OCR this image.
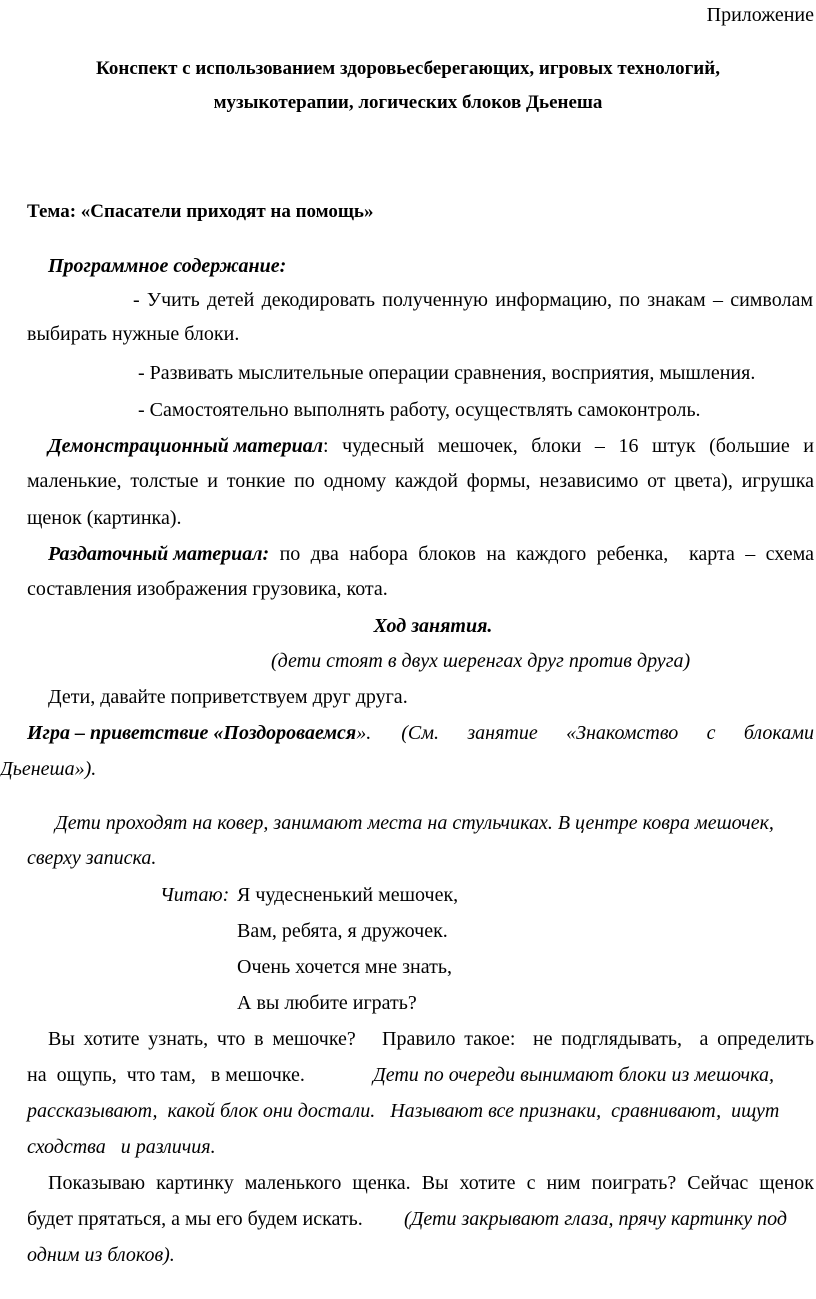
Приложение
Конспект с использованием здоровьесберегающих, игровых технологий,
музыкотерапии, логических блоков Дьенеша
Тема: «Спасатели приходят на помощь»
Программное содержание:
- Учить детей декодировать полученную информацию, по знакам – символам
выбирать нужные блоки.
- Развивать мыслительные операции сравнения, восприятия, мышления.
- Самостоятельно выполнять работу, осуществлять самоконтроль.
Демонстрационный материал : чудесный мешочек, блоки – 16 штук (большие и
маленькие, толстые и тонкие по одному каждой формы, независимо от цвета), игрушка
щенок (картинка).
Раздаточный материал: по два набора блоков на каждого ребенка,  карта – схема
составления изображения грузовика, кота.
Ход занятия.
(дети стоят в двух шеренгах друг против друга)
Дети, давайте поприветствуем друг друга.
Игра – приветствие «Поздороваемся ».	(См. занятие «Знакомство с блоками
Дьенеша»).
Дети проходят на ковер, занимают места на стульчиках. В центре ковра мешочек,
сверху записка.
Читаю: Я чудесненький мешочек,
Вам, ребята, я дружочек.
Очень хочется мне знать,
А вы любите играть?
Вы хотите узнать, что в мешочке?   Правило такое:  не подглядывать,  а определить
на  ощупь,  что там,   в мешочке.	Дети по очереди вынимают блоки из мешочка,
рассказывают,  какой блок они достали.   Называют все признаки,  сравнивают,  ищут
сходства   и различия.
Показываю картинку маленького щенка. Вы хотите с ним поиграть? Сейчас щенок
будет прятаться, а мы его будем искать. (Дети закрывают глаза, прячу картинку под
одним из блоков).
